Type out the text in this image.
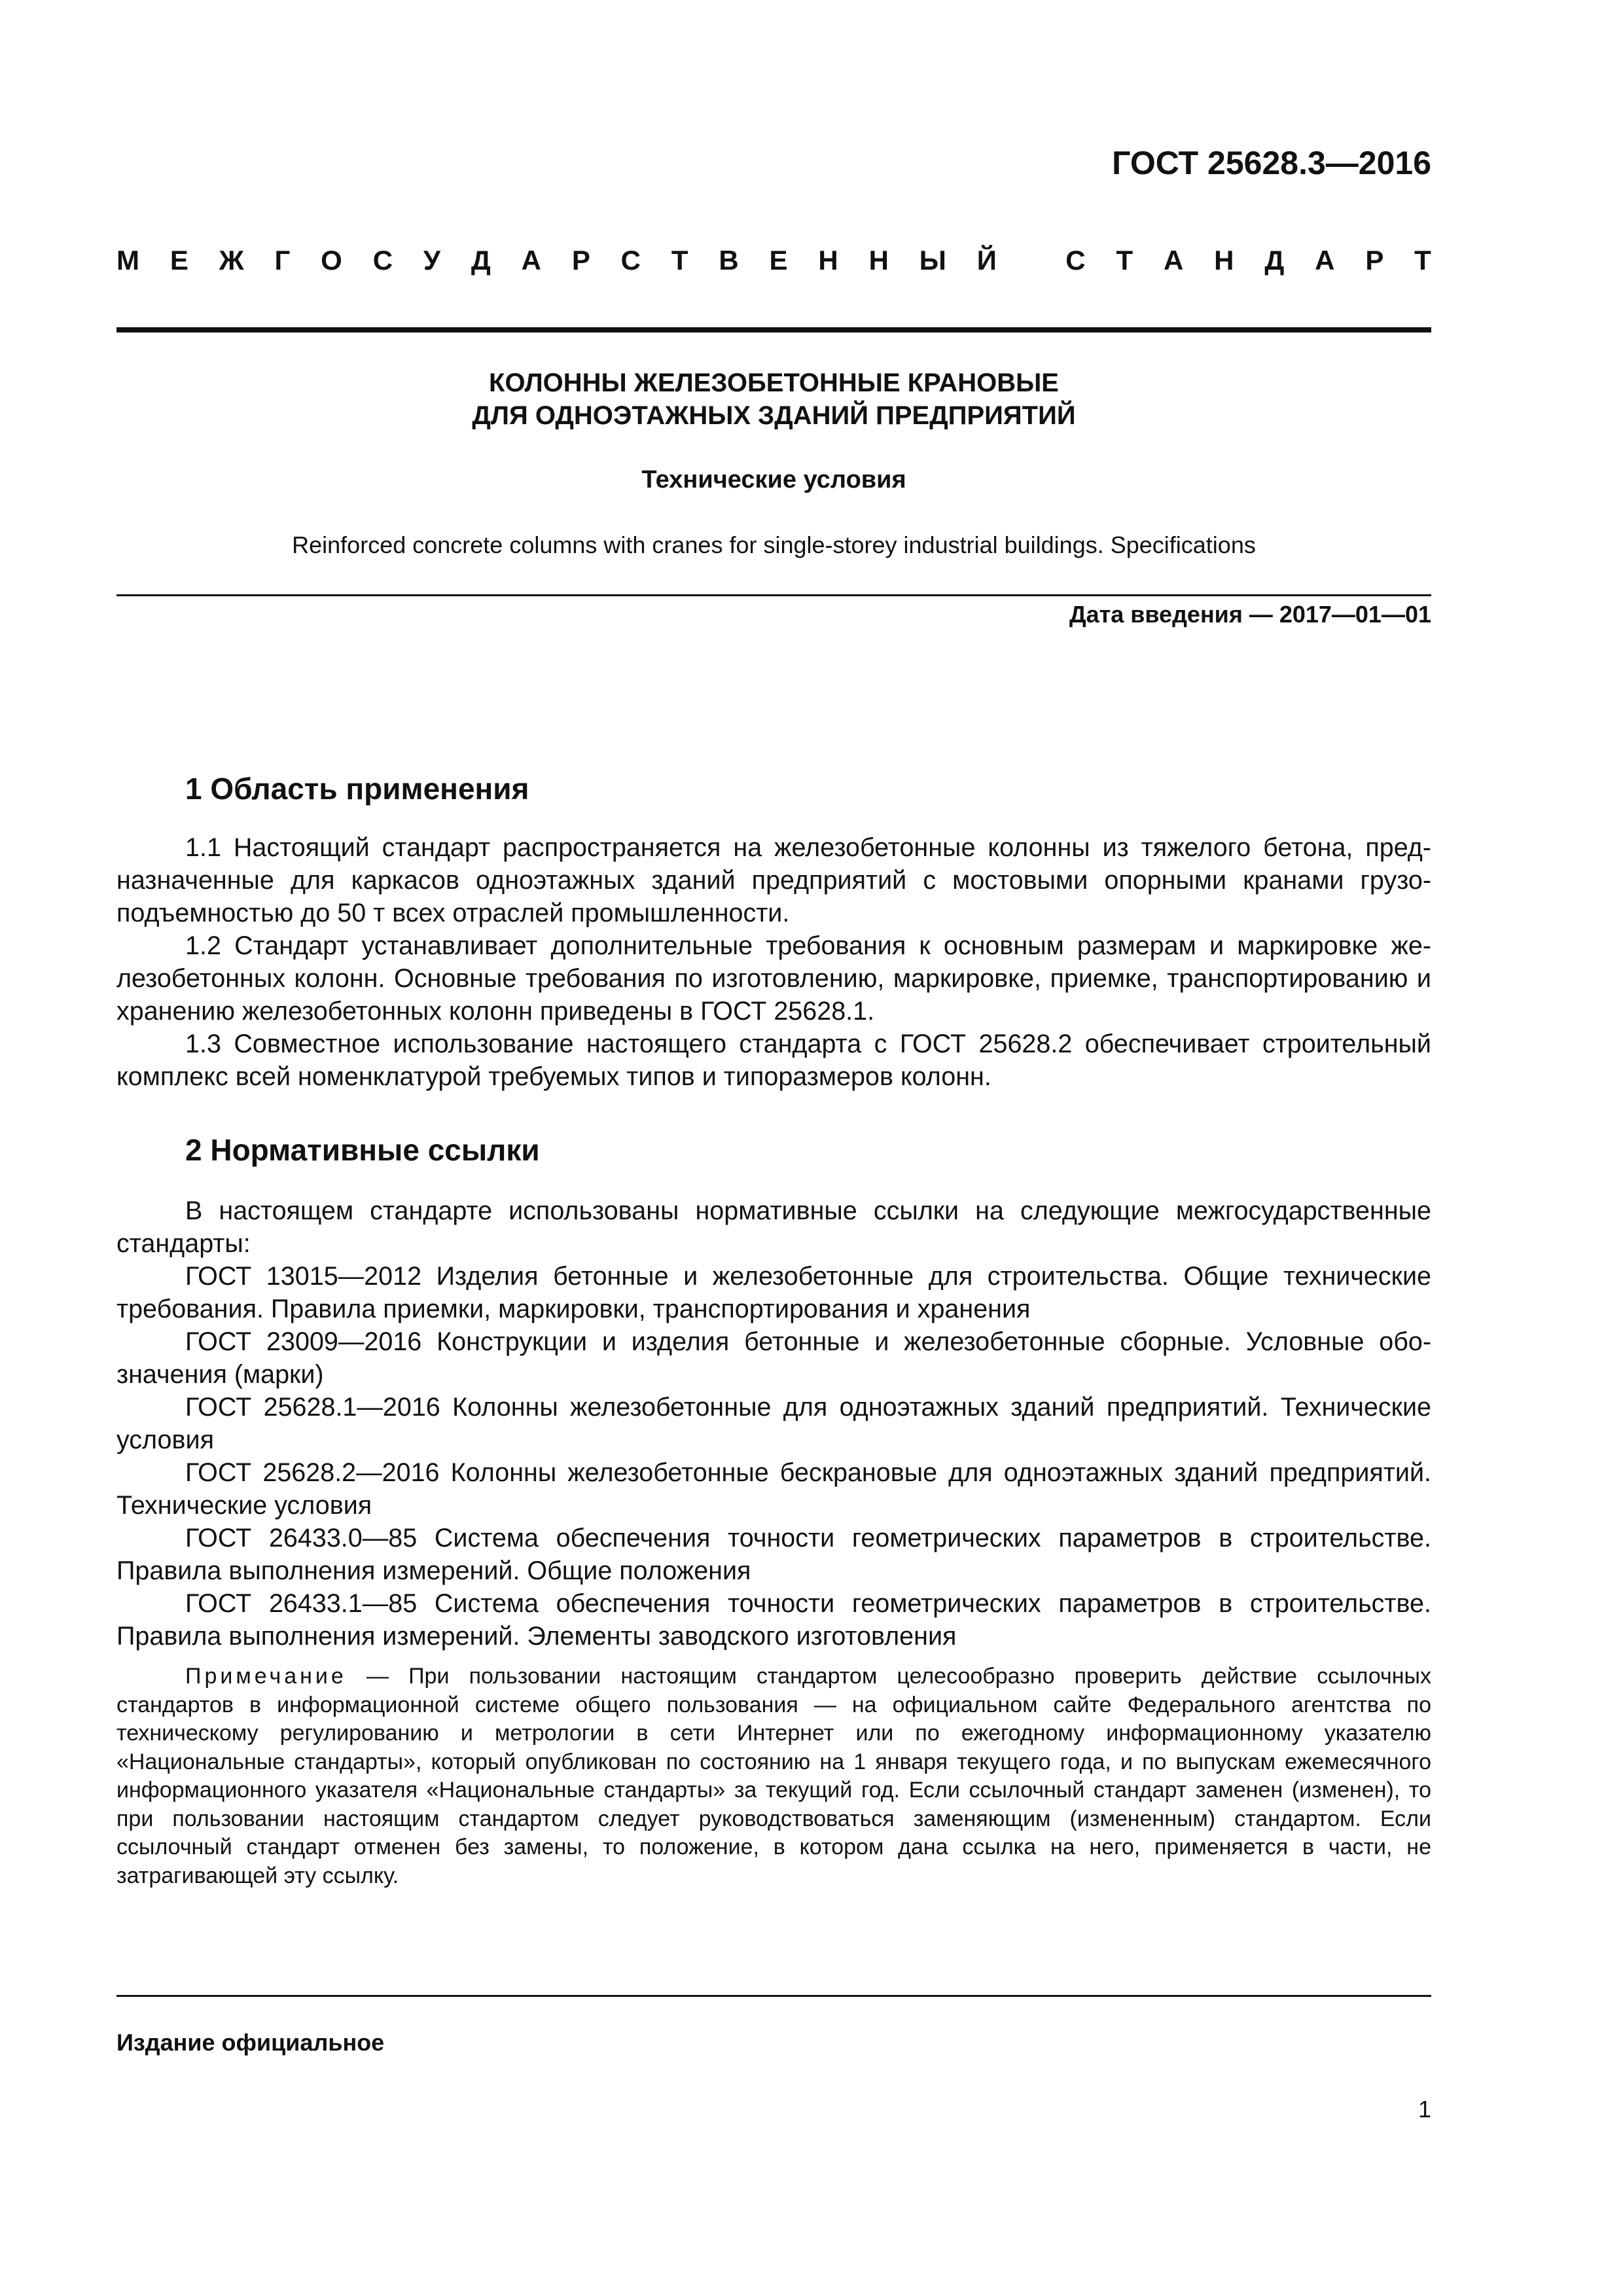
ГОСТ 25628.3—2016
М Е Ж Г О С У Д А Р С Т В Е Н Н Ы Й
	С Т А Н Д А Р Т
КОЛОННЫ ЖЕЛЕЗОБЕТОННЫЕ КРАНОВЫЕ
ДЛЯ ОДНОЭТАЖНЫХ ЗДАНИЙ ПРЕДПРИЯТИЙ
Технические условия
Reinforced concrete columns with cranes for single-storey industrial buildings. Specifications
Дата введения — 2017—01—01
1 Область применения

1.1 Настоящий стандарт распространяется на железобетонные колонны из тяжелого бетона, предназначенные для каркасов одноэтажных зданий предприятий с мостовыми опорными кранами грузоподъемностью до 50 т всех отраслей промышленности.

1.2 Стандарт устанавливает дополнительные требования к основным размерам и маркировке железобетонных колонн. Основные требования по изготовлению, маркировке, приемке, транспортированию и хранению железобетонных колонн приведены в ГОСТ 25628.1.

1.3 Совместное использование настоящего стандарта с ГОСТ 25628.2 обеспечивает строительный комплекс всей номенклатурой требуемых типов и типоразмеров колонн.

2 Нормативные ссылки

В настоящем стандарте использованы нормативные ссылки на следующие межгосударственные стандарты:

ГОСТ 13015—2012 Изделия бетонные и железобетонные для строительства. Общие технические требования. Правила приемки, маркировки, транспортирования и хранения

ГОСТ 23009—2016 Конструкции и изделия бетонные и железобетонные сборные. Условные обозначения (марки)

ГОСТ 25628.1—2016 Колонны железобетонные для одноэтажных зданий предприятий. Технические условия

ГОСТ 25628.2—2016 Колонны железобетонные бескрановые для одноэтажных зданий предприятий. Технические условия

ГОСТ 26433.0—85 Система обеспечения точности геометрических параметров в строительстве. Правила выполнения измерений. Общие положения

ГОСТ 26433.1—85 Система обеспечения точности геометрических параметров в строительстве. Правила выполнения измерений. Элементы заводского изготовления

Примечание — При пользовании настоящим стандартом целесообразно проверить действие ссылочных стандартов в информационной системе общего пользования — на официальном сайте Федерального агентства по техническому регулированию и метрологии в сети Интернет или по ежегодному информационному указателю «Национальные стандарты», который опубликован по состоянию на 1 января текущего года, и по выпускам ежемесячного информационного указателя «Национальные стандарты» за текущий год. Если ссылочный стандарт заменен (изменен), то при пользовании настоящим стандартом следует руководствоваться заменяющим (измененным) стандартом. Если ссылочный стандарт отменен без замены, то положение, в котором дана ссылка на него, применяется в части, не затрагивающей эту ссылку.
Издание официальное
1
